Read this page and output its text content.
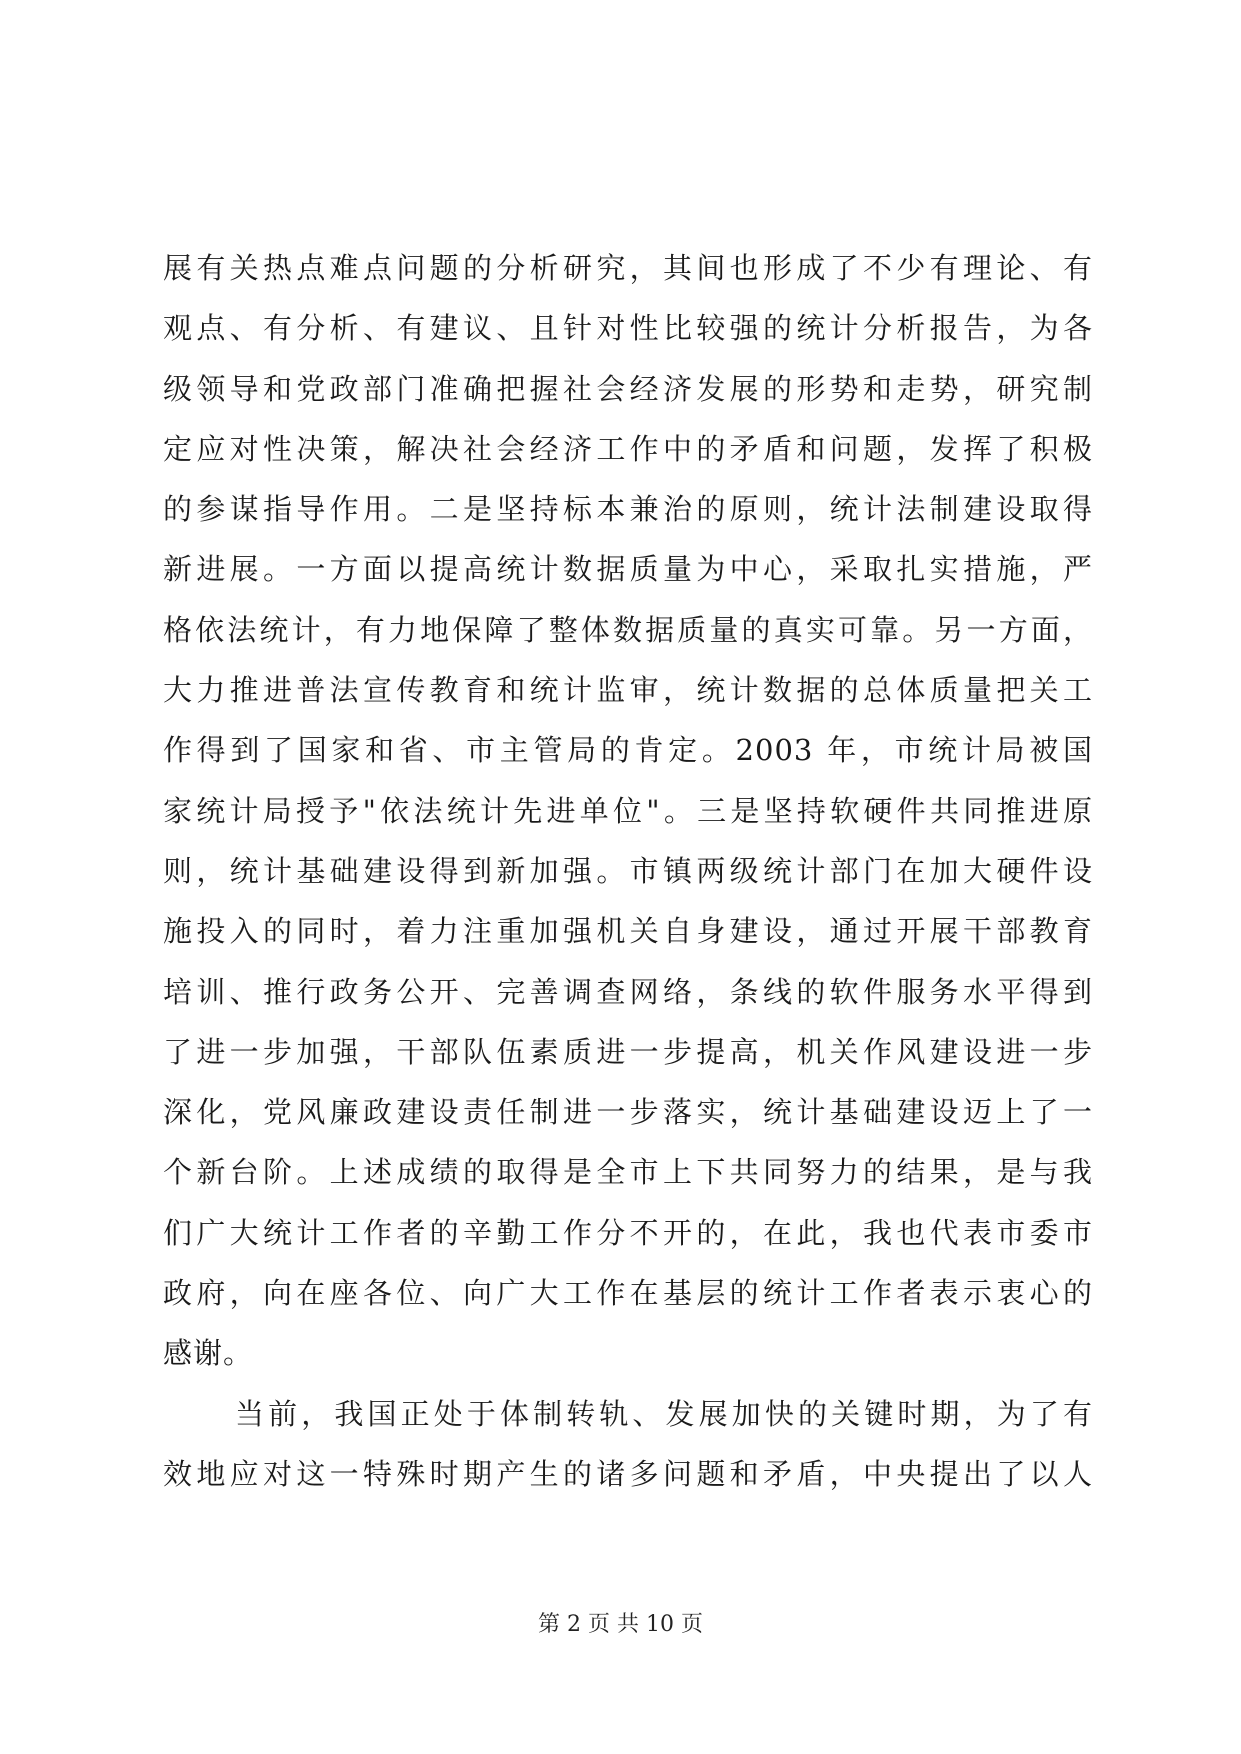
展有关热点难点问题的分析研究，其间也形成了不少有理论、有
观点、有分析、有建议、且针对性比较强的统计分析报告，为各
级领导和党政部门准确把握社会经济发展的形势和走势，研究制
定应对性决策，解决社会经济工作中的矛盾和问题，发挥了积极
的参谋指导作用。二是坚持标本兼治的原则，统计法制建设取得
新进展。一方面以提高统计数据质量为中心，采取扎实措施，严
格依法统计，有力地保障了整体数据质量的真实可靠。另一方面，
大力推进普法宣传教育和统计监审，统计数据的总体质量把关工
作得到了国家和省、市主管局的肯定。2003 年，市统计局被国
家统计局授予"依法统计先进单位"。三是坚持软硬件共同推进原
则，统计基础建设得到新加强。市镇两级统计部门在加大硬件设
施投入的同时，着力注重加强机关自身建设，通过开展干部教育
培训、推行政务公开、完善调查网络，条线的软件服务水平得到
了进一步加强，干部队伍素质进一步提高，机关作风建设进一步
深化，党风廉政建设责任制进一步落实，统计基础建设迈上了一
个新台阶。上述成绩的取得是全市上下共同努力的结果，是与我
们广大统计工作者的辛勤工作分不开的，在此，我也代表市委市
政府，向在座各位、向广大工作在基层的统计工作者表示衷心的
感谢。
当前，我国正处于体制转轨、发展加快的关键时期，为了有
效地应对这一特殊时期产生的诸多问题和矛盾，中央提出了以人
第 2 页 共 10 页
